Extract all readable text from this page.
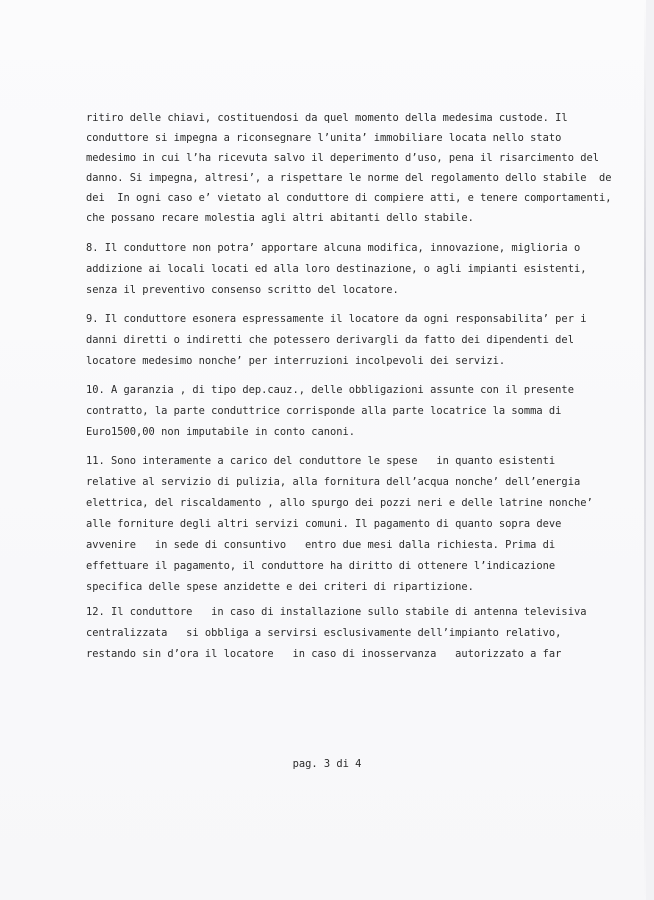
ritiro delle chiavi, costituendosi da quel momento della medesima custode. Il

conduttore si impegna a riconsegnare l’unita’ immobiliare locata nello stato

medesimo in cui l’ha ricevuta salvo il deperimento d’uso, pena il risarcimento del

danno. Si impegna, altresi’, a rispettare le norme del regolamento dello stabile  de

dei  In ogni caso e’ vietato al conduttore di compiere atti, e tenere comportamenti,

che possano recare molestia agli altri abitanti dello stabile.

8. Il conduttore non potra’ apportare alcuna modifica, innovazione, miglioria o

addizione ai locali locati ed alla loro destinazione, o agli impianti esistenti,

senza il preventivo consenso scritto del locatore.

9. Il conduttore esonera espressamente il locatore da ogni responsabilita’ per i

danni diretti o indiretti che potessero derivargli da fatto dei dipendenti del

locatore medesimo nonche’ per interruzioni incolpevoli dei servizi.

10. A garanzia , di tipo dep.cauz., delle obbligazioni assunte con il presente

contratto, la parte conduttrice corrisponde alla parte locatrice la somma di

Euro1500,00 non imputabile in conto canoni.

11. Sono interamente a carico del conduttore le spese   in quanto esistenti

relative al servizio di pulizia, alla fornitura dell’acqua nonche’ dell’energia

elettrica, del riscaldamento , allo spurgo dei pozzi neri e delle latrine nonche’

alle forniture degli altri servizi comuni. Il pagamento di quanto sopra deve

avvenire   in sede di consuntivo   entro due mesi dalla richiesta. Prima di

effettuare il pagamento, il conduttore ha diritto di ottenere l’indicazione

specifica delle spese anzidette e dei criteri di ripartizione.

12. Il conduttore   in caso di installazione sullo stabile di antenna televisiva

centralizzata   si obbliga a servirsi esclusivamente dell’impianto relativo,

restando sin d’ora il locatore   in caso di inosservanza   autorizzato a far

pag. 3 di 4
